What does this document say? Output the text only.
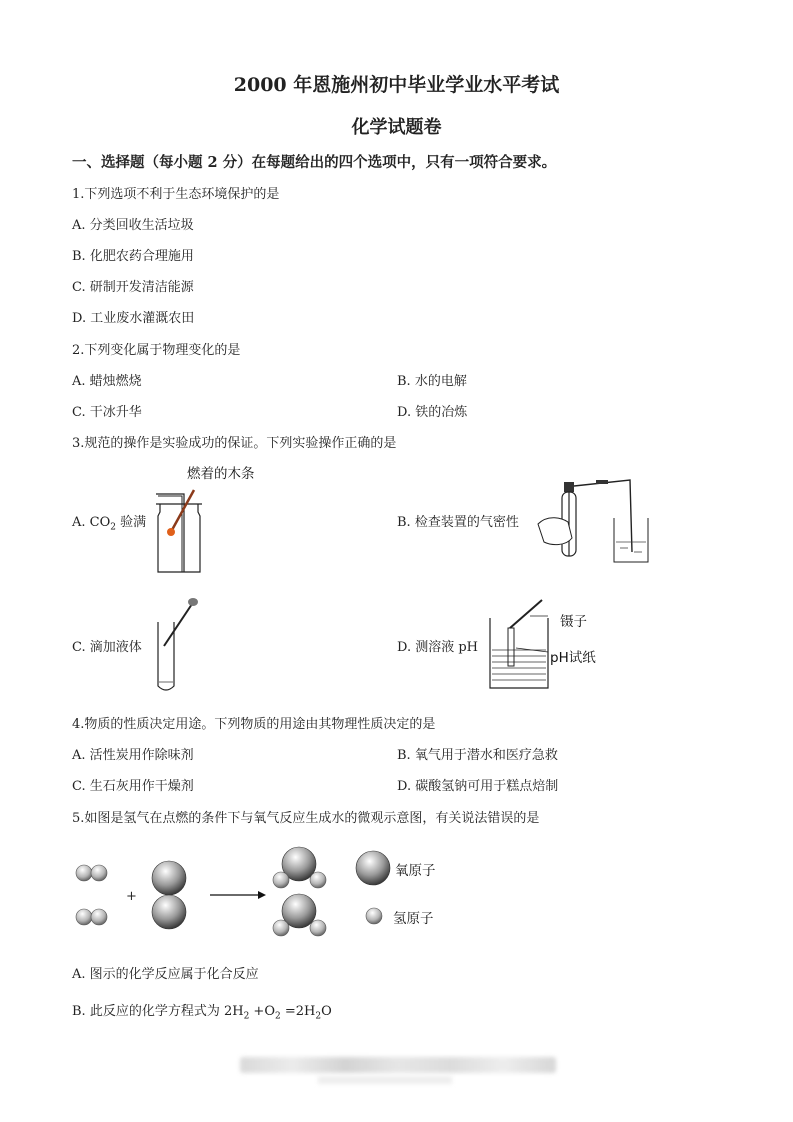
2000 年恩施州初中毕业学业水平考试
化学试题卷
一、选择题（每小题 2 分）在每题给出的四个选项中，只有一项符合要求。
1.下列选项不利于生态环境保护的是
A. 分类回收生活垃圾
B. 化肥农药合理施用
C. 研制开发清洁能源
D. 工业废水灌溉农田
2.下列变化属于物理变化的是
A. 蜡烛燃烧	B. 水的电解
C. 干冰升华	D. 铁的冶炼
3.规范的操作是实验成功的保证。下列实验操作正确的是
A. $CO_2$ 验满
燃着的木条
B. 检查装置的气密性
C. 滴加液体	D. 测溶液 pH
镊子
pH试纸
4.物质的性质决定用途。下列物质的用途由其物理性质决定的是
A. 活性炭用作除味剂	B. 氧气用于潜水和医疗急救
C. 生石灰用作干燥剂	D. 碳酸氢钠可用于糕点焙制
5.如图是氢气在点燃的条件下与氧气反应生成水的微观示意图，有关说法错误的是
+
氧原子
氢原子
A. 图示的化学反应属于化合反应
B. 此反应的化学方程式为 $2H_2 +O_2 =2H_2O$
